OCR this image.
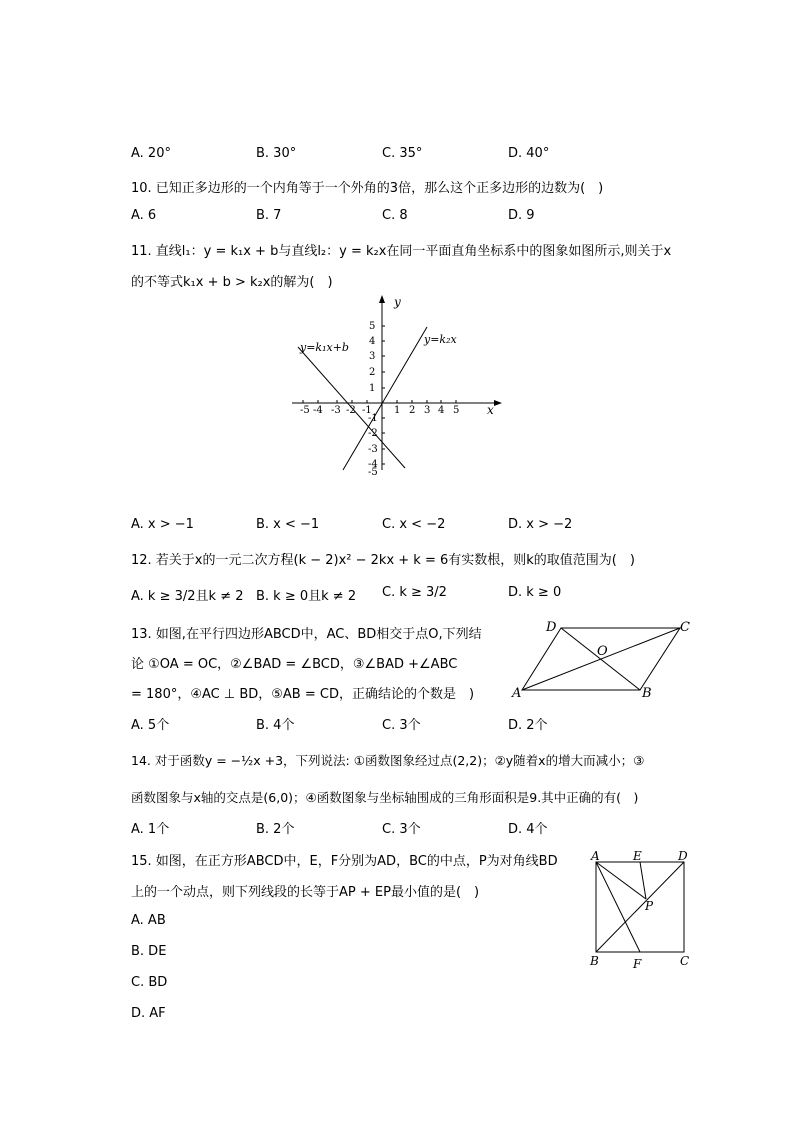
A. 20°	B. 30°	C. 35°	D. 40°
10. 已知正多边形的一个内角等于一个外角的3倍，那么这个正多边形的边数为(　)
A. 6	B. 7	C. 8	D. 9
11. 直线l₁：y = k₁x + b与直线l₂：y = k₂x在同一平面直角坐标系中的图象如图所示,则关于x
的不等式k₁x + b > k₂x的解为(　)
y
x
y=k₁x+b
y=k₂x
-5 -4 -3 -2 -1 1 2 3 4 5
5
4
3
2
1
-1
-2
-3
-4
-5
A. x > −1	B. x < −1	C. x < −2	D. x > −2
12. 若关于x的一元二次方程(k − 2)x² − 2kx + k = 6有实数根，则k的取值范围为(　)
A. k ≥ 3/2且k ≠ 2 B. k ≥ 0且k ≠ 2 C. k ≥ 3/2	D. k ≥ 0
13. 如图,在平行四边形ABCD中，AC、BD相交于点O,下列结
论 ①OA = OC，②∠BAD = ∠BCD，③∠BAD +∠ABC
= 180°，④AC ⊥ BD，⑤AB = CD，正确结论的个数是　)	A	B
C
D
O
A. 5个	B. 4个	C. 3个	D. 2个
14. 对于函数y = −½x +3，下列说法: ①函数图象经过点(2,2)；②y随着x的增大而减小；③
函数图象与x轴的交点是(6,0)；④函数图象与坐标轴围成的三角形面积是9.其中正确的有(　)
A. 1个	B. 2个	C. 3个	D. 4个
15. 如图，在正方形ABCD中，E，F分别为AD，BC的中点，P为对角线BD
上的一个动点，则下列线段的长等于AP + EP最小值的是(　)
A	E	D
P
B	F	C
A. AB
B. DE
C. BD
D. AF
